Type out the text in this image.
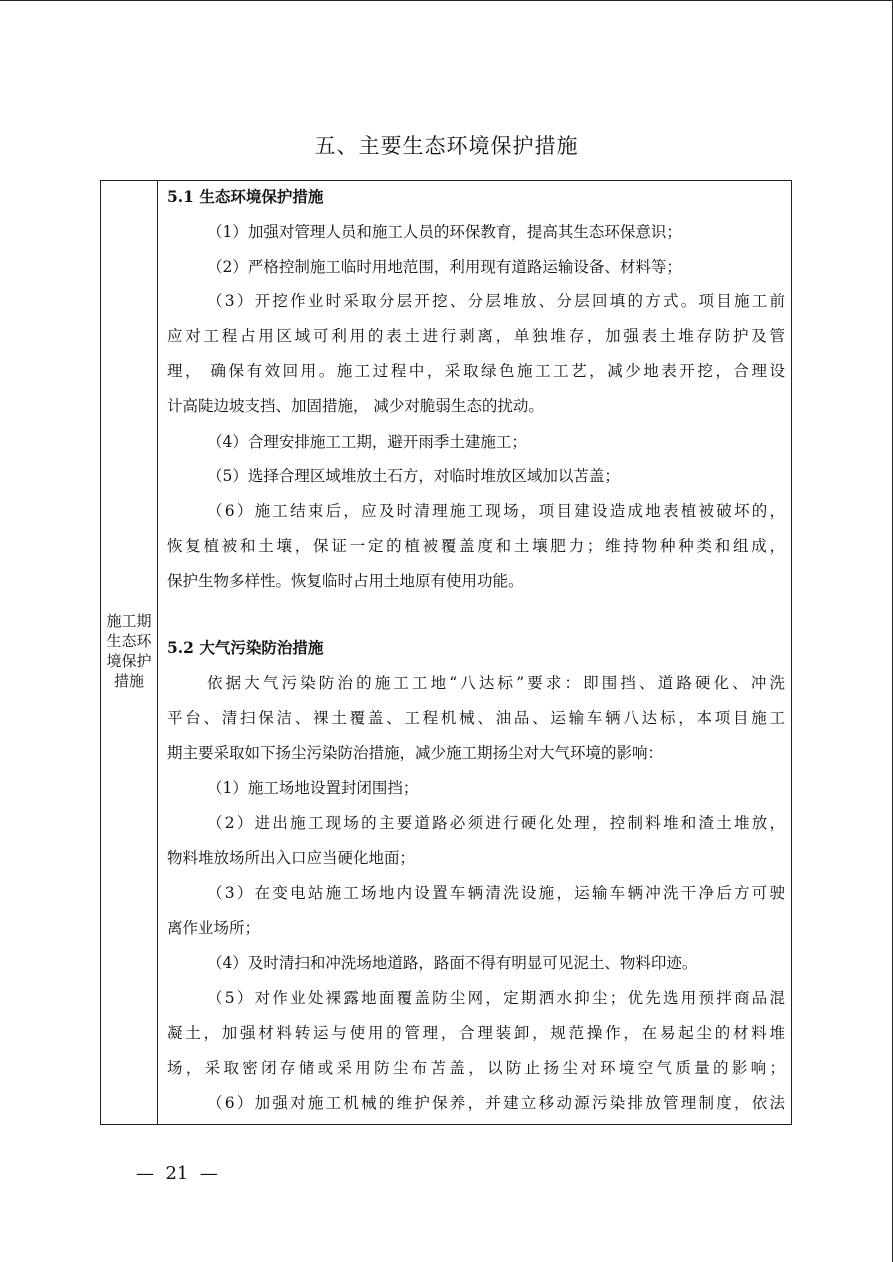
五、主要生态环境保护措施
施工期
生态环
境保护
措施
5.1 生态环境保护措施
（1）加强对管理人员和施工人员的环保教育，提高其生态环保意识；
（2）严格控制施工临时用地范围，利用现有道路运输设备、材料等；
（3）开挖作业时采取分层开挖、分层堆放、分层回填的方式。项目施工前
应对工程占用区域可利用的表土进行剥离，单独堆存，加强表土堆存防护及管
理， 确保有效回用。施工过程中，采取绿色施工工艺，减少地表开挖，合理设
计高陡边坡支挡、加固措施， 减少对脆弱生态的扰动。
（4）合理安排施工工期，避开雨季土建施工；
（5）选择合理区域堆放土石方，对临时堆放区域加以苫盖；
（6）施工结束后，应及时清理施工现场，项目建设造成地表植被破坏的，
恢复植被和土壤，保证一定的植被覆盖度和土壤肥力；维持物种种类和组成，
保护生物多样性。恢复临时占用土地原有使用功能。
5.2 大气污染防治措施
依据大气污染防治的施工工地“八达标”要求：即围挡、道路硬化、冲洗
平台、清扫保洁、裸土覆盖、工程机械、油品、运输车辆八达标，本项目施工
期主要采取如下扬尘污染防治措施，减少施工期扬尘对大气环境的影响：
（1）施工场地设置封闭围挡；
（2）进出施工现场的主要道路必须进行硬化处理，控制料堆和渣土堆放，
物料堆放场所出入口应当硬化地面；
（3）在变电站施工场地内设置车辆清洗设施，运输车辆冲洗干净后方可驶
离作业场所；
（4）及时清扫和冲洗场地道路，路面不得有明显可见泥土、物料印迹。
（5）对作业处裸露地面覆盖防尘网，定期洒水抑尘；优先选用预拌商品混
凝土，加强材料转运与使用的管理，合理装卸，规范操作，在易起尘的材料堆
场，采取密闭存储或采用防尘布苫盖，以防止扬尘对环境空气质量的影响；
（6）加强对施工机械的维护保养，并建立移动源污染排放管理制度，依法
—  21  —
